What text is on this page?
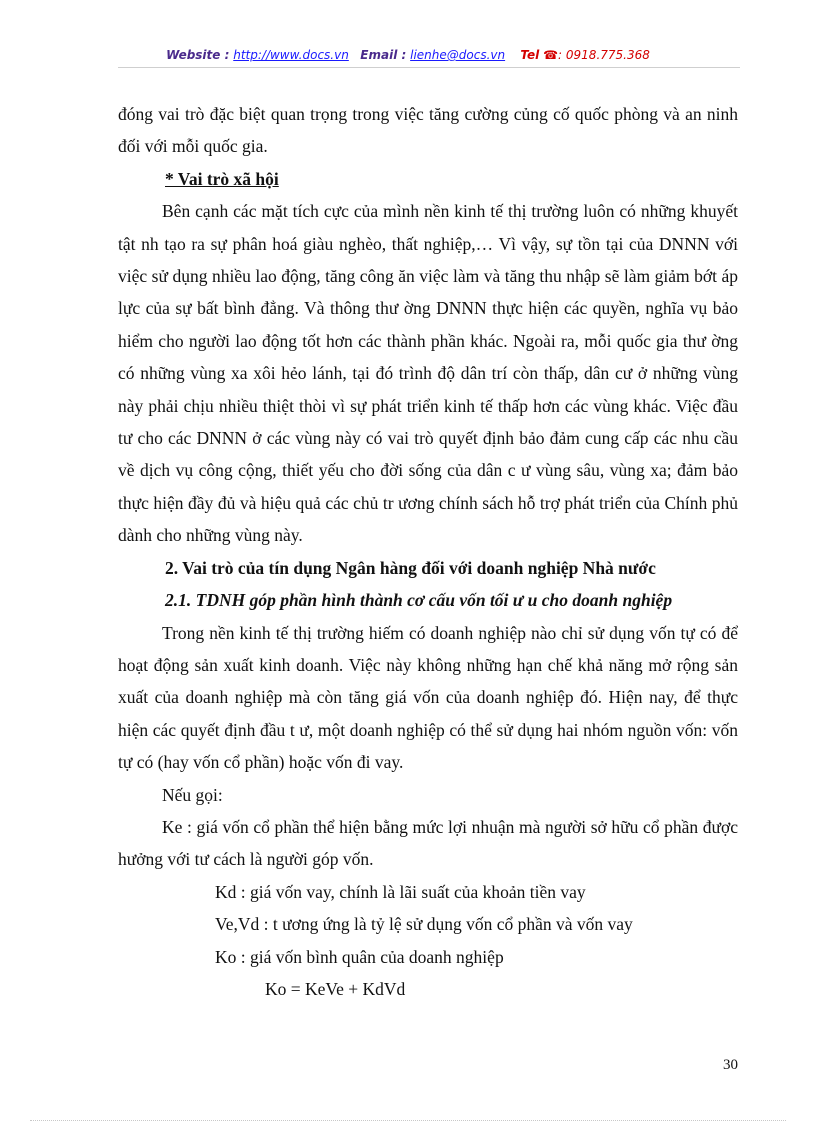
Website : http://www.docs.vn Email : lienhe@docs.vn Tel ☎: 0918.775.368

đóng vai trò đặc biệt quan trọng trong việc tăng cường củng cố quốc phòng và an ninh đối với mỗi quốc gia.

* Vai trò xã hội

Bên cạnh các mặt tích cực của mình nền kinh tế thị trường luôn có những khuyết tật nh tạo ra sự phân hoá giàu nghèo, thất nghiệp,… Vì vậy, sự tồn tại của DNNN với việc sử dụng nhiều lao động, tăng công ăn việc làm và tăng thu nhập sẽ làm giảm bớt áp lực của sự bất bình đẳng. Và thông thư ờng DNNN thực hiện các quyền, nghĩa vụ bảo hiểm cho người lao động tốt hơn các thành phần khác. Ngoài ra, mỗi quốc gia thư ờng có những vùng xa xôi hẻo lánh, tại đó trình độ dân trí còn thấp, dân cư ở những vùng này phải chịu nhiều thiệt thòi vì sự phát triển kinh tế thấp hơn các vùng khác. Việc đầu tư cho các DNNN ở các vùng này có vai trò quyết định bảo đảm cung cấp các nhu cầu về dịch vụ công cộng, thiết yếu cho đời sống của dân c ư vùng sâu, vùng xa; đảm bảo thực hiện đầy đủ và hiệu quả các chủ tr ương chính sách hỗ trợ phát triển của Chính phủ dành cho những vùng này.

2. Vai trò của tín dụng Ngân hàng đối với doanh nghiệp Nhà nước

2.1. TDNH góp phần hình thành cơ cấu vốn tối ư u cho doanh nghiệp

Trong nền kinh tế thị trường hiếm có doanh nghiệp nào chỉ sử dụng vốn tự có để hoạt động sản xuất kinh doanh. Việc này không những hạn chế khả năng mở rộng sản xuất của doanh nghiệp mà còn tăng giá vốn của doanh nghiệp đó. Hiện nay, để thực hiện các quyết định đầu t ư, một doanh nghiệp có thể sử dụng hai nhóm nguồn vốn: vốn tự có (hay vốn cổ phần) hoặc vốn đi vay.

Nếu gọi:

Ke : giá vốn cổ phần thể hiện bằng mức lợi nhuận mà người sở hữu cổ phần được hưởng với tư cách là người góp vốn.

Kd : giá vốn vay, chính là lãi suất của khoản tiền vay

Ve,Vd : t ương ứng là tỷ lệ sử dụng vốn cổ phần và vốn vay

Ko : giá vốn bình quân của doanh nghiệp

Ko = KeVe + KdVd

30
